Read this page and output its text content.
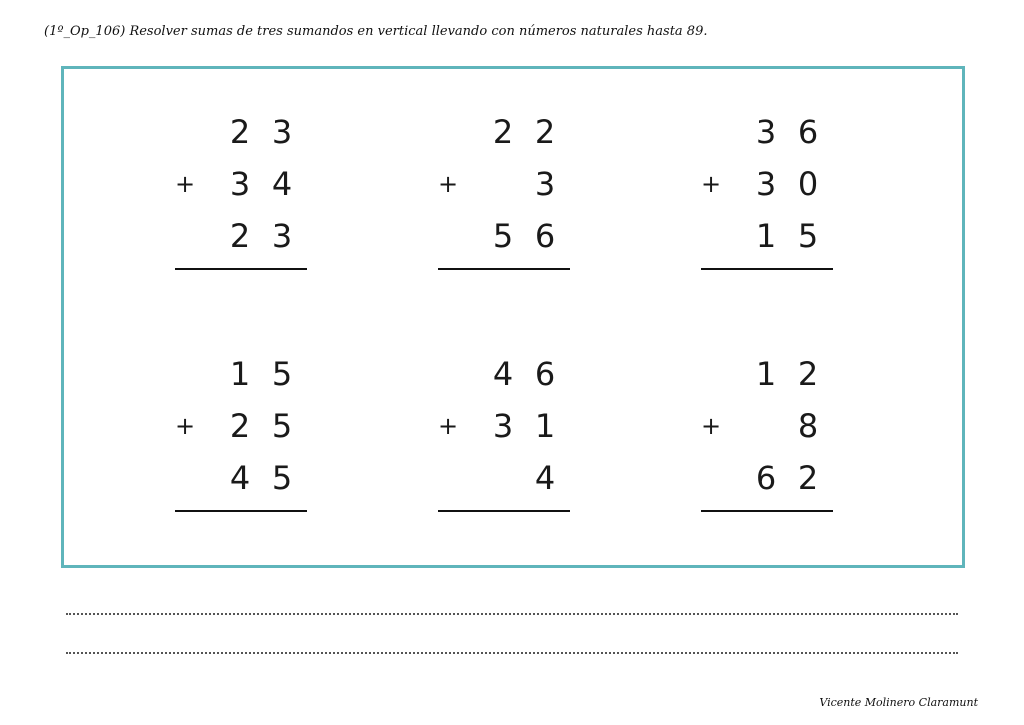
(1º_Op_106) Resolver sumas de tres sumandos en vertical llevando con números naturales hasta 89.
2 3
+ 3 4
2 3
2 2
+ 3
5 6
3 6
+ 3 0
1 5
1 5
+ 2 5
4 5
4 6
+ 3 1
4
1 2
+ 8
6 2
Vicente Molinero Claramunt
